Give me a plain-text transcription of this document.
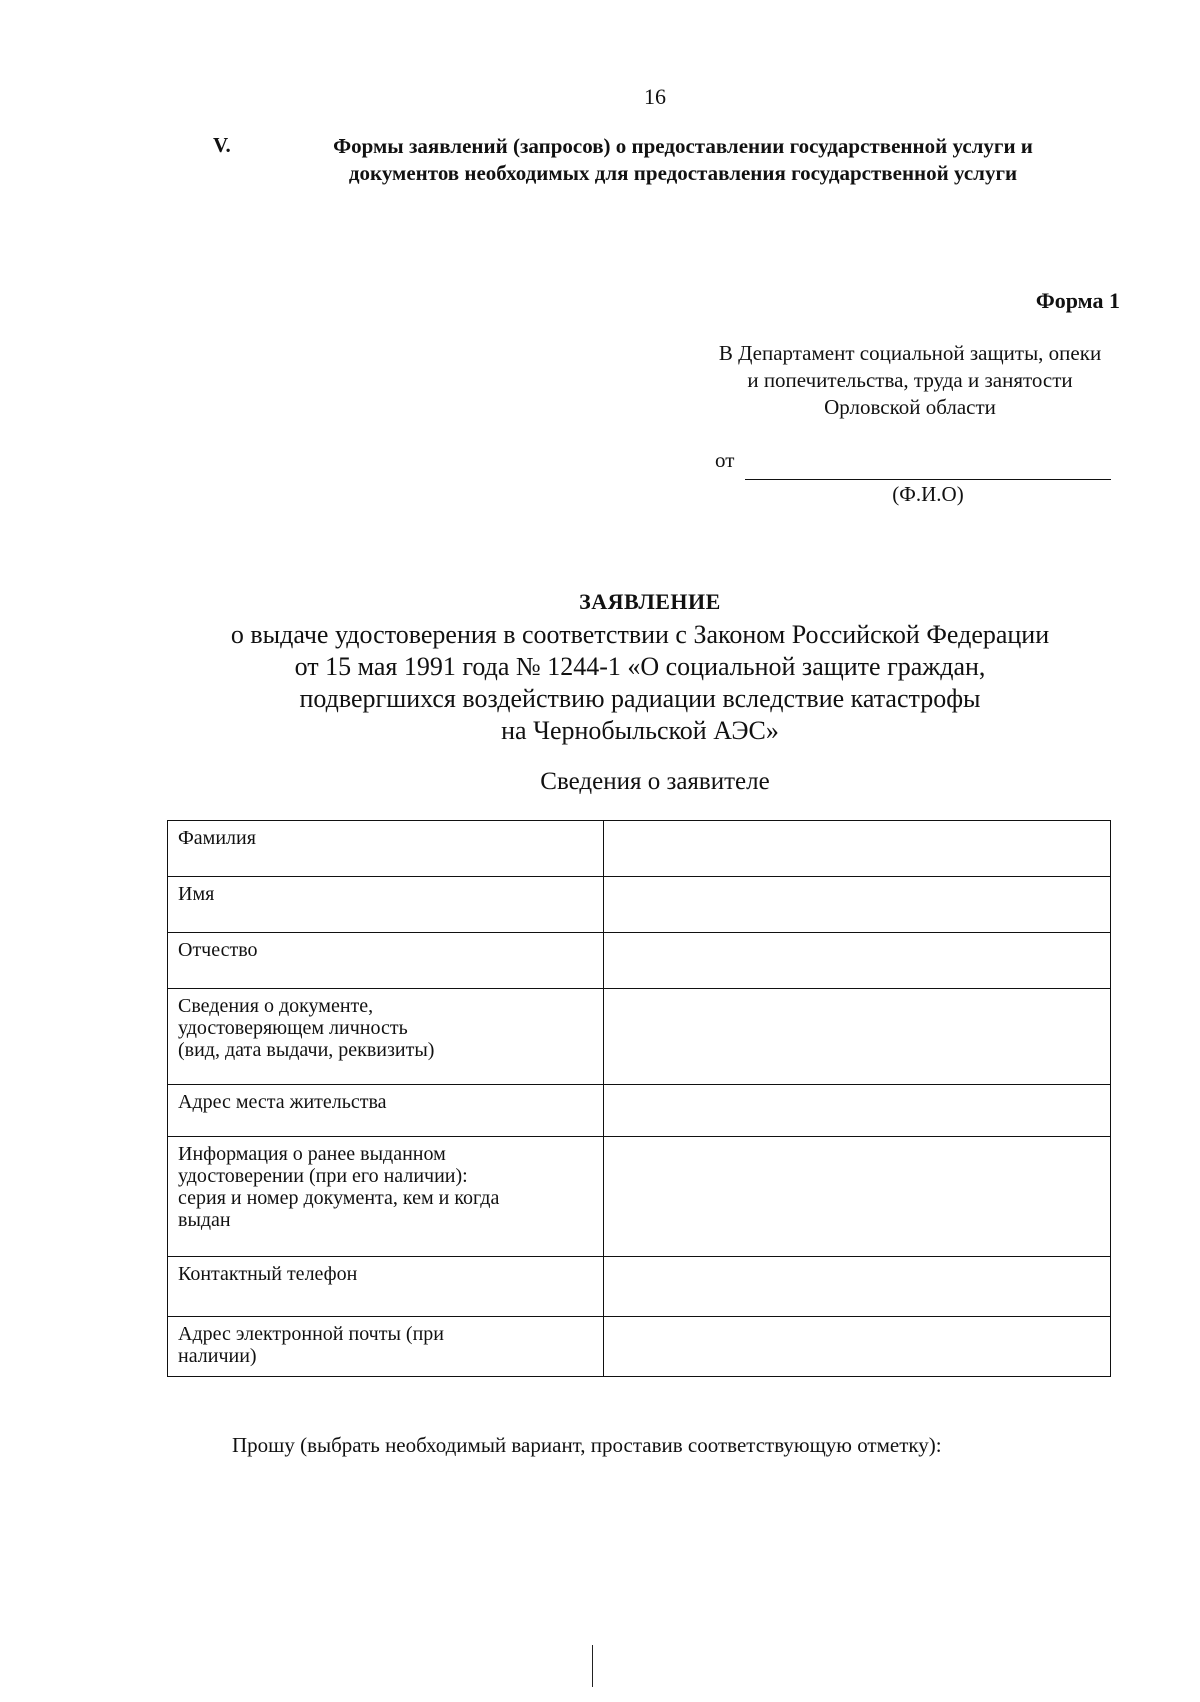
16
V.	Формы заявлений (запросов) о предоставлении государственной услуги и
документов необходимых для предоставления государственной услуги
Форма 1
В Департамент социальной защиты, опеки
и попечительства, труда и занятости
Орловской области
от
(Ф.И.О)
ЗАЯВЛЕНИЕ
о выдаче удостоверения в соответствии с Законом Российской Федерации
от 15 мая 1991 года № 1244-1 «О социальной защите граждан,
подвергшихся воздействию радиации вследствие катастрофы
на Чернобыльской АЭС»
Сведения о заявителе
Фамилия	

Имя	

Отчество	

Сведения о документе,
удостоверяющем личность
(вид, дата выдачи, реквизиты)	

Адрес места жительства	

Информация о ранее выданном
удостоверении (при его наличии):
серия и номер документа, кем и когда
выдан	

Контактный телефон	

Адрес электронной почты (при
наличии)	

Прошу (выбрать необходимый вариант, проставив соответствующую отметку):
